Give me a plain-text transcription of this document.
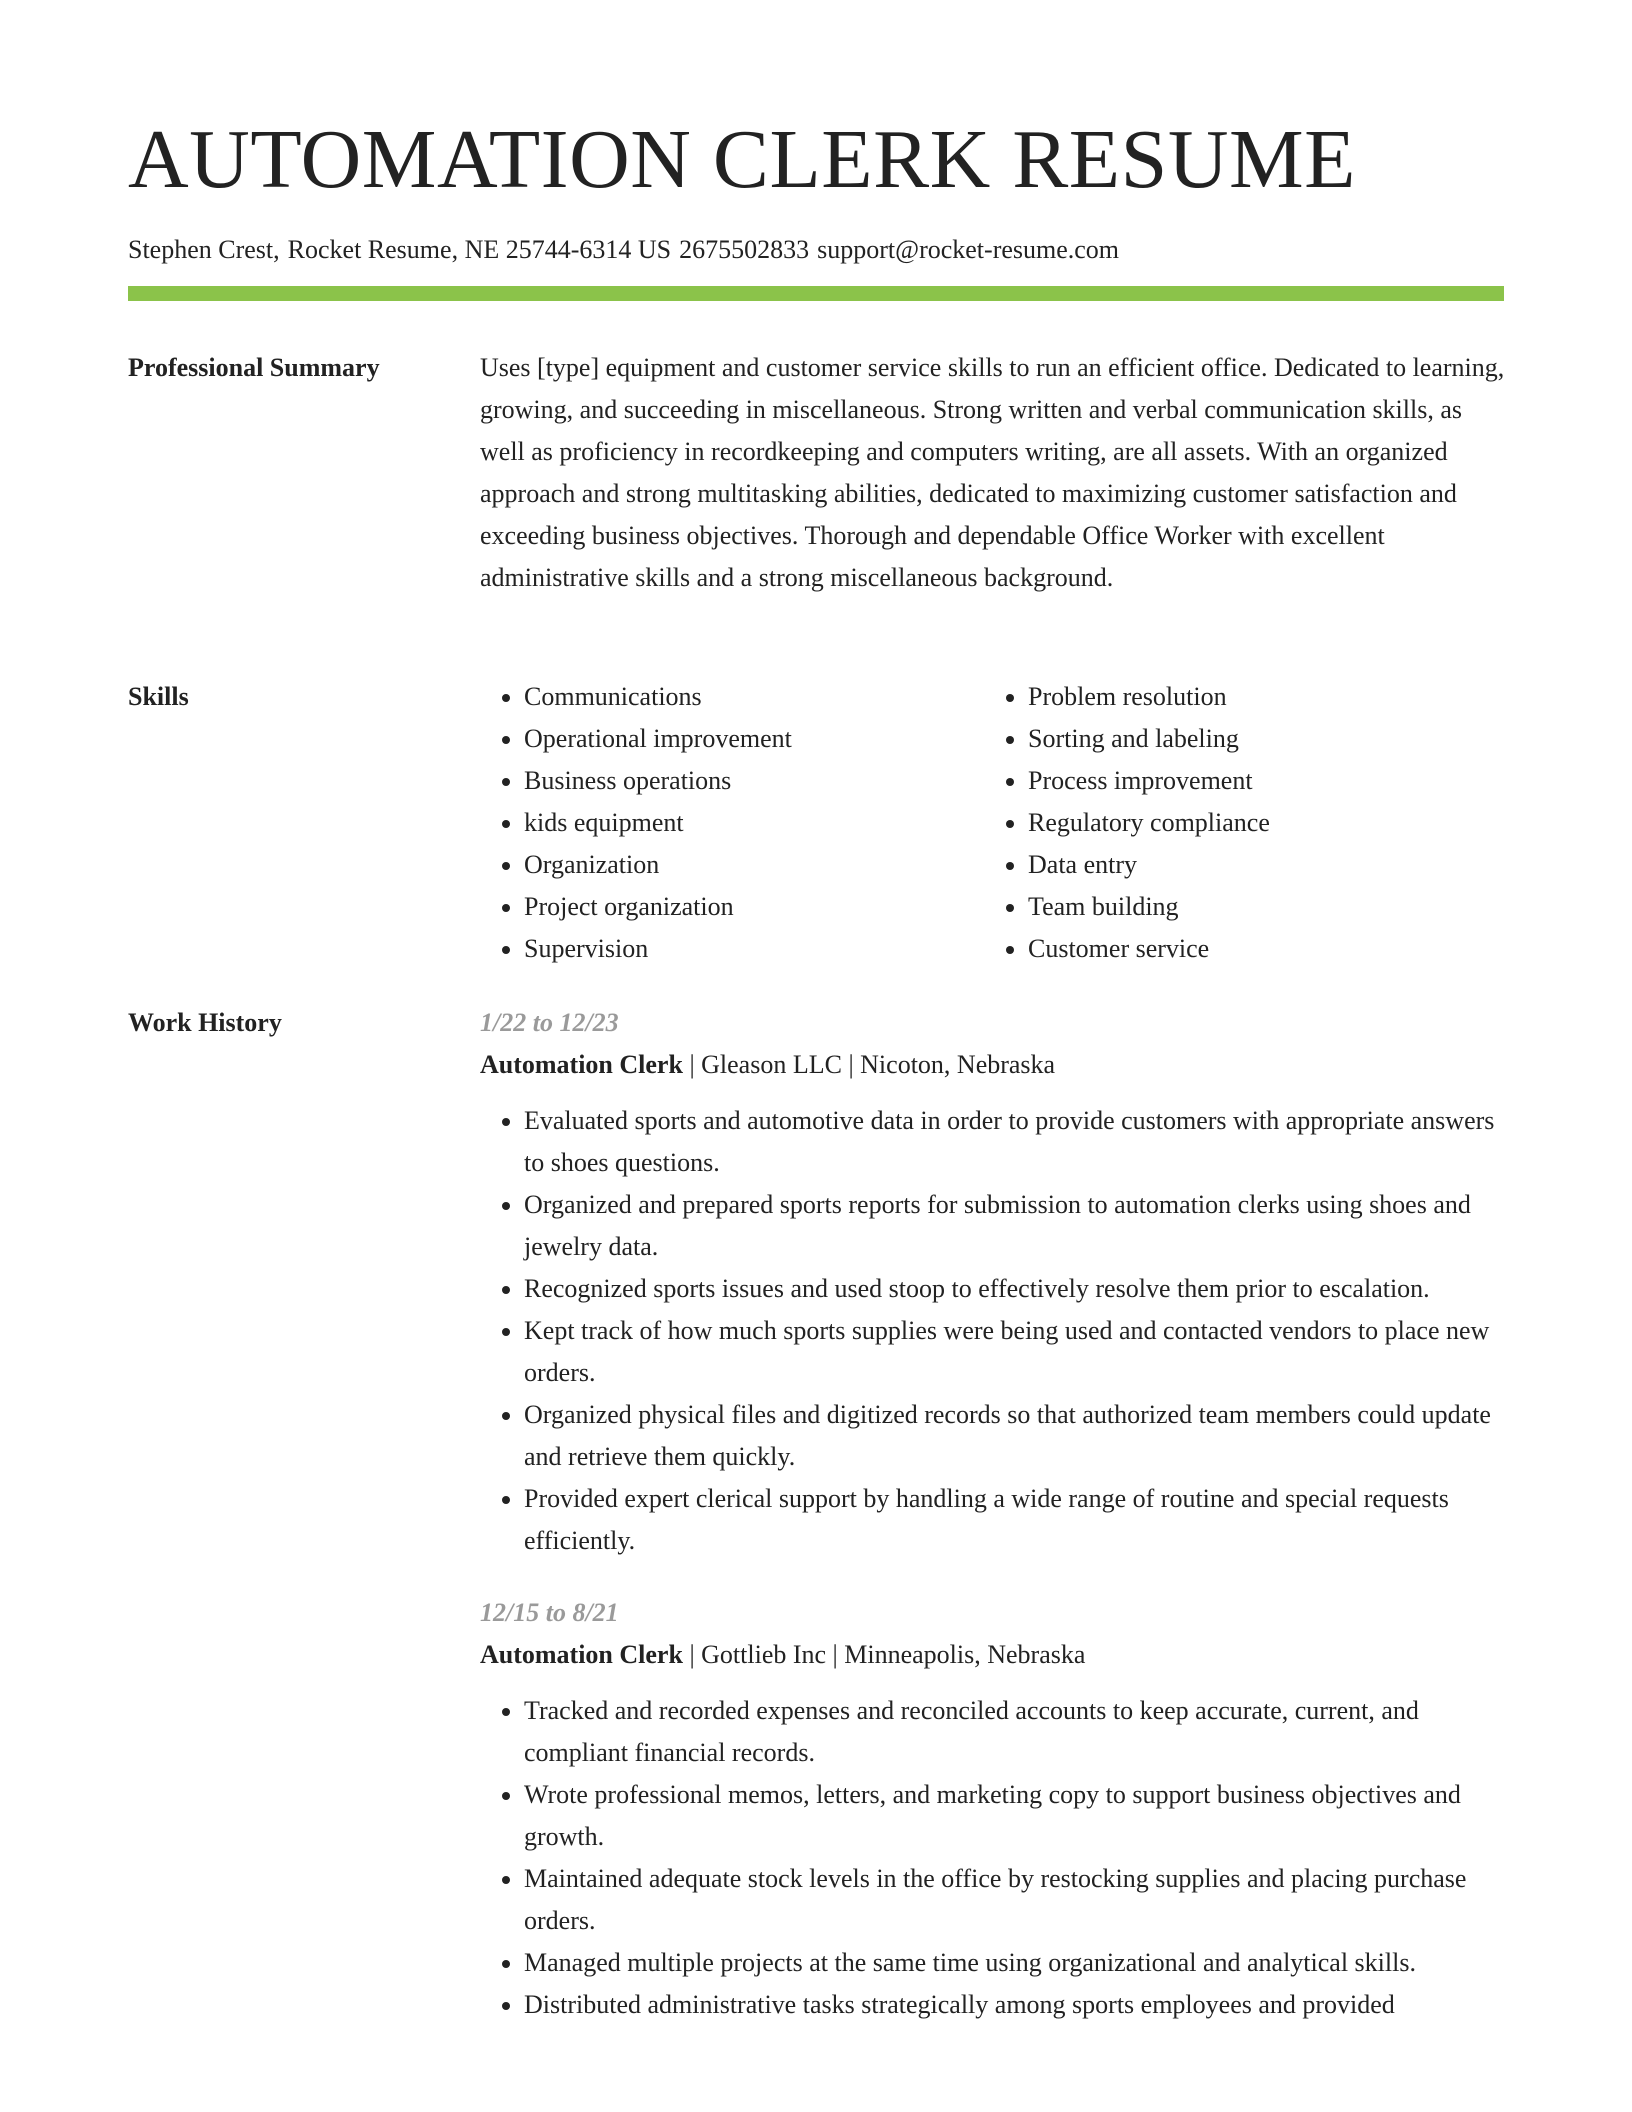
AUTOMATION CLERK RESUME
Stephen Crest, Rocket Resume, NE 25744-6314 US 2675502833 support@rocket-resume.com
Professional Summary	Uses [type] equipment and customer service skills to run an efficient office. Dedicated to learning, growing, and succeeding in miscellaneous. Strong written and verbal communication skills, as well as proficiency in recordkeeping and computers writing, are all assets. With an organized approach and strong multitasking abilities, dedicated to maximizing customer satisfaction and exceeding business objectives. Thorough and dependable Office Worker with excellent administrative skills and a strong miscellaneous background.

Skills
•	Communications
• Operational improvement
• Business operations
• kids equipment
• Organization
• Project organization
• Supervision
• Problem resolution
• Sorting and labeling
• Process improvement
• Regulatory compliance
• Data entry
• Team building
• Customer service
Work History	1/22 to 12/23
Automation Clerk | Gleason LLC | Nicoton, Nebraska
• Evaluated sports and automotive data in order to provide customers with appropriate answers to shoes questions.
• Organized and prepared sports reports for submission to automation clerks using shoes and jewelry data.
• Recognized sports issues and used stoop to effectively resolve them prior to escalation.
• Kept track of how much sports supplies were being used and contacted vendors to place new orders.
• Organized physical files and digitized records so that authorized team members could update and retrieve them quickly.
• Provided expert clerical support by handling a wide range of routine and special requests efficiently.
12/15 to 8/21
Automation Clerk | Gottlieb Inc | Minneapolis, Nebraska
• Tracked and recorded expenses and reconciled accounts to keep accurate, current, and compliant financial records.
• Wrote professional memos, letters, and marketing copy to support business objectives and growth.
• Maintained adequate stock levels in the office by restocking supplies and placing purchase orders.
• Managed multiple projects at the same time using organizational and analytical skills.
• Distributed administrative tasks strategically among sports employees and provided
